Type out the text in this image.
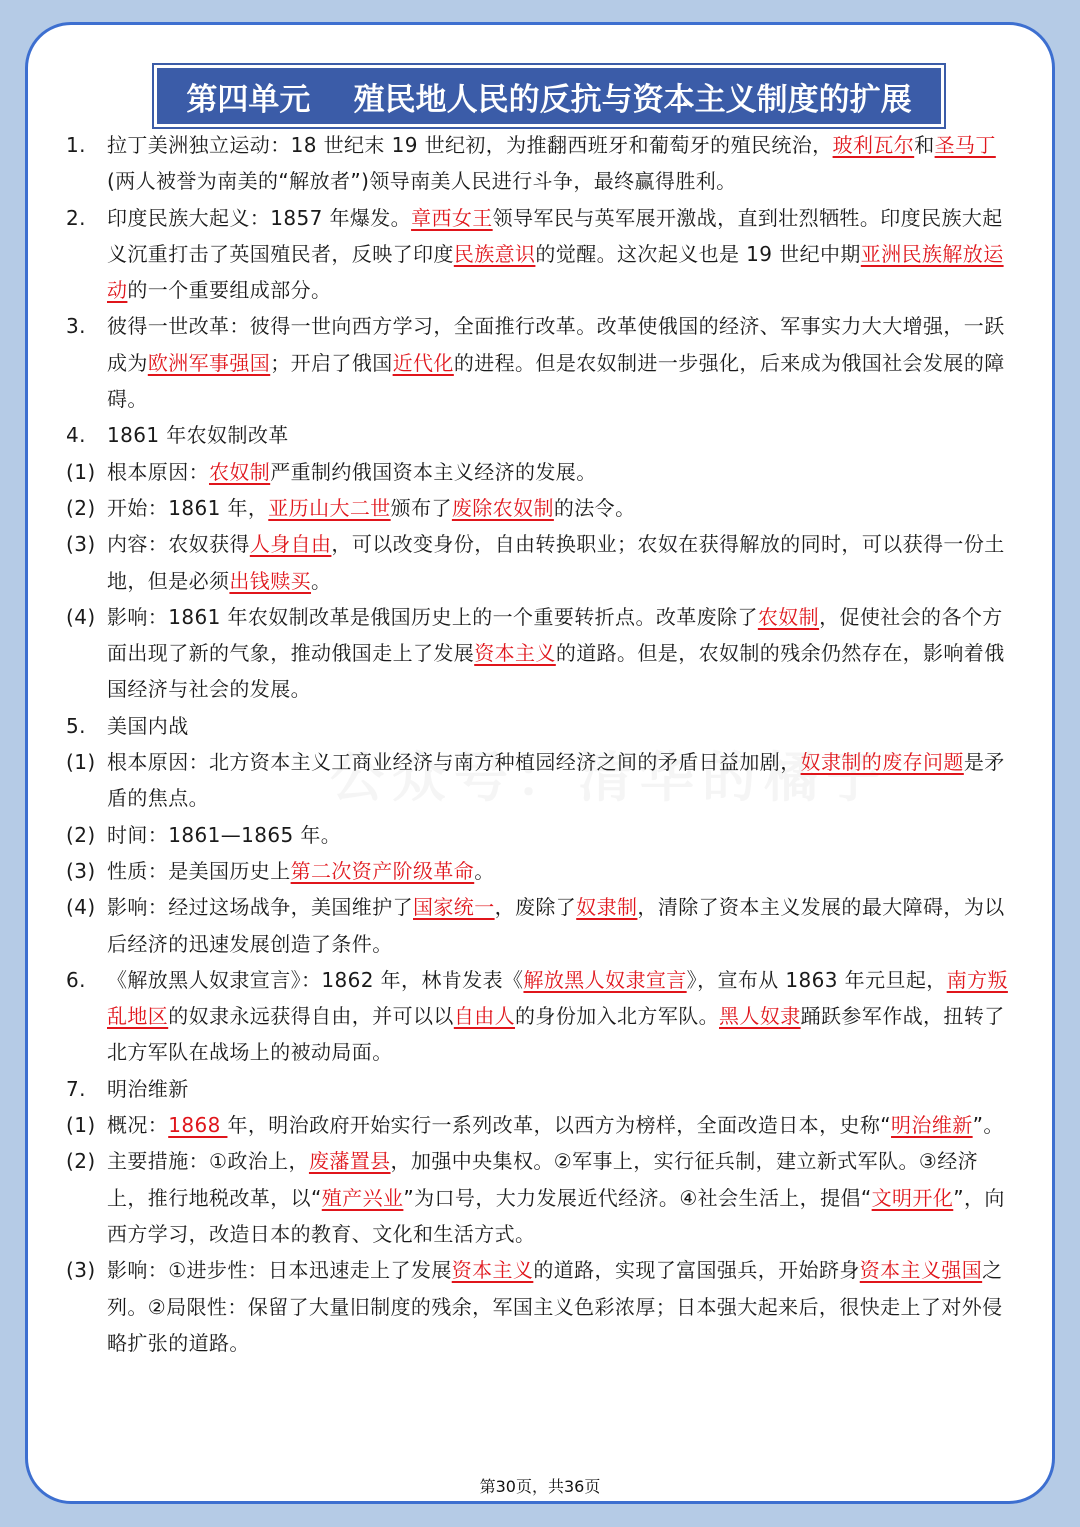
第四单元    殖民地人民的反抗与资本主义制度的扩展
1. 拉丁美洲独立运动：18 世纪末 19 世纪初，为推翻西班牙和葡萄牙的殖民统治，玻利瓦尔和圣马丁(两人被誉为南美的“解放者”)领导南美人民进行斗争，最终赢得胜利。
2. 印度民族大起义：1857 年爆发。章西女王领导军民与英军展开激战，直到壮烈牺牲。印度民族大起义沉重打击了英国殖民者，反映了印度民族意识的觉醒。这次起义也是 19 世纪中期亚洲民族解放运动的一个重要组成部分。
3. 彼得一世改革：彼得一世向西方学习，全面推行改革。改革使俄国的经济、军事实力大大增强，一跃成为欧洲军事强国；开启了俄国近代化的进程。但是农奴制进一步强化，后来成为俄国社会发展的障碍。
4. 1861 年农奴制改革
(1) 根本原因：农奴制严重制约俄国资本主义经济的发展。
(2) 开始：1861 年，亚历山大二世颁布了废除农奴制的法令。
(3) 内容：农奴获得人身自由，可以改变身份，自由转换职业；农奴在获得解放的同时，可以获得一份土地，但是必须出钱赎买。
(4) 影响：1861 年农奴制改革是俄国历史上的一个重要转折点。改革废除了农奴制，促使社会的各个方面出现了新的气象，推动俄国走上了发展资本主义的道路。但是，农奴制的残余仍然存在，影响着俄国经济与社会的发展。
5. 美国内战
(1) 根本原因：北方资本主义工商业经济与南方种植园经济之间的矛盾日益加剧，奴隶制的废存问题是矛盾的焦点。
(2) 时间：1861—1865 年。
(3) 性质：是美国历史上第二次资产阶级革命。
(4) 影响：经过这场战争，美国维护了国家统一，废除了奴隶制，清除了资本主义发展的最大障碍，为以后经济的迅速发展创造了条件。
6. 《解放黑人奴隶宣言》：1862 年，林肯发表《解放黑人奴隶宣言》，宣布从 1863 年元旦起，南方叛乱地区的奴隶永远获得自由，并可以以自由人的身份加入北方军队。黑人奴隶踊跃参军作战，扭转了北方军队在战场上的被动局面。
7. 明治维新
(1) 概况：1868 年，明治政府开始实行一系列改革，以西方为榜样，全面改造日本，史称“明治维新”。
(2) 主要措施：①政治上，废藩置县，加强中央集权。②军事上，实行征兵制，建立新式军队。③经济上，推行地税改革，以“殖产兴业”为口号，大力发展近代经济。④社会生活上，提倡“文明开化”，向西方学习，改造日本的教育、文化和生活方式。
(3) 影响：①进步性：日本迅速走上了发展资本主义的道路，实现了富国强兵，开始跻身资本主义强国之列。②局限性：保留了大量旧制度的残余，军国主义色彩浓厚；日本强大起来后，很快走上了对外侵略扩张的道路。
第30页，共36页
